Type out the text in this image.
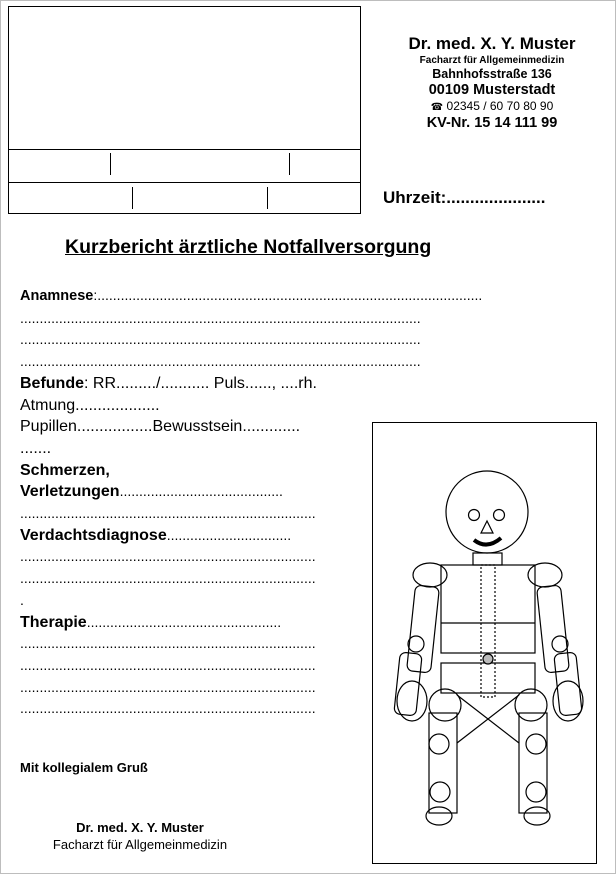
Dr. med. X. Y. Muster
Facharzt für Allgemeinmedizin
Bahnhofsstraße 136
00109 Musterstadt
☎ 02345 / 60 70 80 90
KV-Nr. 15 14 111 99
Uhrzeit:.....................
Kurzbericht ärztliche Notfallversorgung
Anamnese:...................................................................................................
.......................................................................................................
.......................................................................................................
.......................................................................................................
Befunde: RR........./........... Puls......, ....rh.
Atmung...................
Pupillen.................Bewusstsein.............
.......
Schmerzen,
Verletzungen..........................................
............................................................................
Verdachtsdiagnose................................
............................................................................
............................................................................
.
Therapie..................................................
............................................................................
............................................................................
............................................................................
............................................................................
Mit kollegialem Gruß
Dr. med. X. Y. Muster
Facharzt für Allgemeinmedizin
